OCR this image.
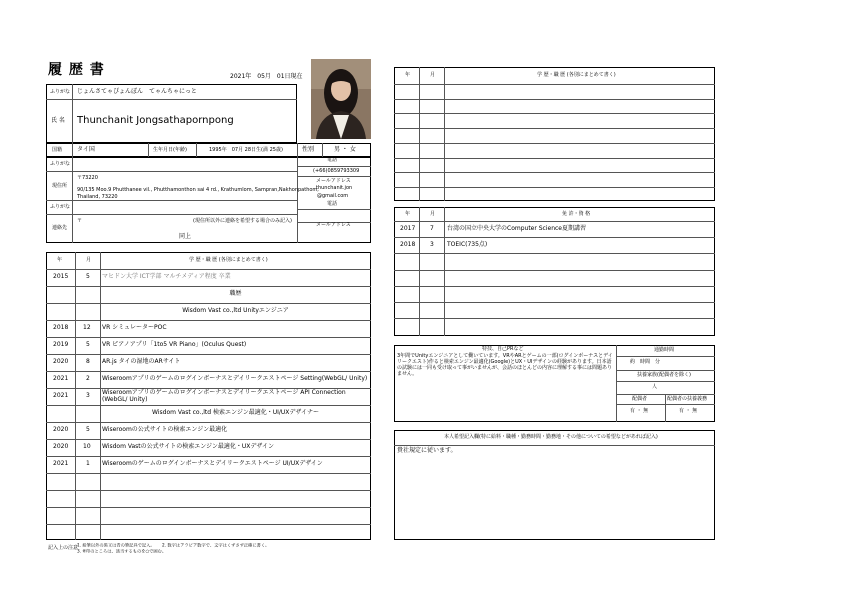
履 歴 書	2021年　05月　01日現在
ふりがな じょんさてゃぴょんぽん　てゃんちゃにっと
氏 名 Thunchanit Jongsathapornpong
国籍 タイ国	生年月日(年齢)	1995年　07月 28日生(満 25歳)	性別	男 ・ 女
ふりがな
電話
(+66)0859793309
メールアドレス
thunchanit.jon
@gmail.com
現住所
〒73220
90/135 Moo.9 Phutthanee vil., Phutthamonthon sai 4 rd., Krathumlom, Sampran,Nakhonpathom,
Thailand, 73220
ふりがな	電話
〒	(現住所以外に連絡を希望する場合のみ記入)
メールアドレス
連絡先
同上
年	月	学 歴・職 歴 (各別にまとめて書く)
記入上の注意
1. 鉛筆以外の黒又は青の筆記具で記入。 2. 数字はアラビア数字で、文字はくずさず正確に書く。
3. ※印のところは、該当するものを○で囲む。
年	月	学 歴・職 歴 (各別にまとめて書く)
年	月	免 許・資 格
特技、自己PRなど
3年間でUnityエンジニアとして働いています。VRやARとゲームの一部(ログインボーナスとデイリークエスト)作ると検索エンジン最適化(Google)とUX・UIデザインの経験があります。日本語の試験には一同も受け取って事がいませんが、会話のほとんどの内容に理解する事には問題ありません。
通勤時間
約　時間　分
扶養家族(配偶者を除く)
人
配偶者	配偶者の扶養義務
有 ・ 無	有 ・ 無
本人希望記入欄(特に給料・職種・勤務時間・勤務地・その他についての希望などがあれば記入)
貴社規定に従います。
2015	5 マヒドン大学 ICT学部 マルチメディア程度 卒業
職歴
Wisdom Vast co.,ltd Unityエンジニア
2018 12 VR シミュレーターPOC
2019	5 VR ピアノアプリ「1to5 VR Piano」(Oculus Quest)
2020	8 AR.js タイの湿地のARサイト
2021	2 Wiseroomアプリのゲームのログインボーナスとデイリークエストページ Setting(WebGL/ Unity)
2021	3 Wiseroomアプリのゲームのログインボーナスとデイリークエストページ API Connection
(WebGL/ Unity)
Wisdom Vast co.,ltd 検索エンジン最適化・UI/UXデザイナー
2020	5 Wiseroomの公式サイトの検索エンジン最適化
2020 10 Wisdom Vastの公式サイトの検索エンジン最適化・UXデザイン
2021	1 Wiseroomのゲームのログインボーナスとデイリークエストページ UI/UXデザイン
2017 7 台湾の国立中央大学のComputer Science夏期講習
2018 3 TOEIC(735点)
